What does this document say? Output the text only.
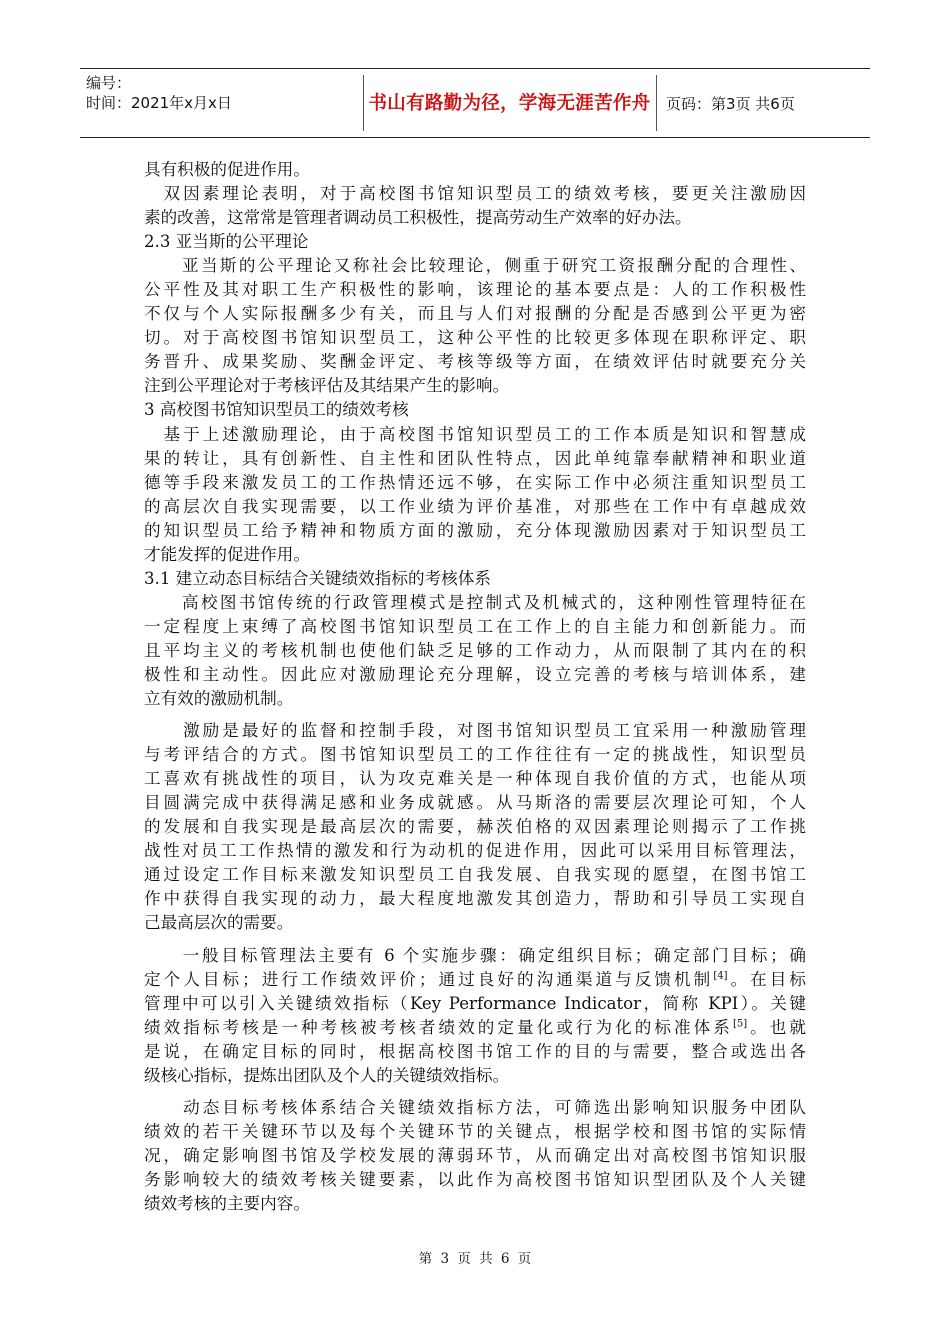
编号：
时间：2021年x月x日	书山有路勤为径，学海无涯苦作舟	页码：第3页 共6页
具有积极的促进作用。
　双因素理论表明，对于高校图书馆知识型员工的绩效考核，要更关注激励因
素的改善，这常常是管理者调动员工积极性，提高劳动生产效率的好办法。
2.3 亚当斯的公平理论
　　亚当斯的公平理论又称社会比较理论，侧重于研究工资报酬分配的合理性、
公平性及其对职工生产积极性的影响，该理论的基本要点是：人的工作积极性
不仅与个人实际报酬多少有关，而且与人们对报酬的分配是否感到公平更为密
切。对于高校图书馆知识型员工，这种公平性的比较更多体现在职称评定、职
务晋升、成果奖励、奖酬金评定、考核等级等方面，在绩效评估时就要充分关
注到公平理论对于考核评估及其结果产生的影响。
3 高校图书馆知识型员工的绩效考核
　基于上述激励理论，由于高校图书馆知识型员工的工作本质是知识和智慧成
果的转让，具有创新性、自主性和团队性特点，因此单纯靠奉献精神和职业道
德等手段来激发员工的工作热情还远不够，在实际工作中必须注重知识型员工
的高层次自我实现需要，以工作业绩为评价基准，对那些在工作中有卓越成效
的知识型员工给予精神和物质方面的激励，充分体现激励因素对于知识型员工
才能发挥的促进作用。
3.1 建立动态目标结合关键绩效指标的考核体系
　　高校图书馆传统的行政管理模式是控制式及机械式的，这种刚性管理特征在
一定程度上束缚了高校图书馆知识型员工在工作上的自主能力和创新能力。而
且平均主义的考核机制也使他们缺乏足够的工作动力，从而限制了其内在的积
极性和主动性。因此应对激励理论充分理解，设立完善的考核与培训体系，建
立有效的激励机制。
　　激励是最好的监督和控制手段，对图书馆知识型员工宜采用一种激励管理
与考评结合的方式。图书馆知识型员工的工作往往有一定的挑战性，知识型员
工喜欢有挑战性的项目，认为攻克难关是一种体现自我价值的方式，也能从项
目圆满完成中获得满足感和业务成就感。从马斯洛的需要层次理论可知，个人
的发展和自我实现是最高层次的需要，赫茨伯格的双因素理论则揭示了工作挑
战性对员工工作热情的激发和行为动机的促进作用，因此可以采用目标管理法，
通过设定工作目标来激发知识型员工自我发展、自我实现的愿望，在图书馆工
作中获得自我实现的动力，最大程度地激发其创造力，帮助和引导员工实现自
己最高层次的需要。
　　一般目标管理法主要有 6 个实施步骤：确定组织目标；确定部门目标；确
定个人目标；进行工作绩效评价；通过良好的沟通渠道与反馈机制[4]。在目标
管理中可以引入关键绩效指标（Key Performance Indicator，简称 KPI）。关键
绩效指标考核是一种考核被考核者绩效的定量化或行为化的标准体系[5]。也就
是说，在确定目标的同时，根据高校图书馆工作的目的与需要，整合或选出各
级核心指标，提炼出团队及个人的关键绩效指标。
　　动态目标考核体系结合关键绩效指标方法，可筛选出影响知识服务中团队
绩效的若干关键环节以及每个关键环节的关键点，根据学校和图书馆的实际情
况，确定影响图书馆及学校发展的薄弱环节，从而确定出对高校图书馆知识服
务影响较大的绩效考核关键要素，以此作为高校图书馆知识型团队及个人关键
绩效考核的主要内容。
第 3 页 共 6 页
